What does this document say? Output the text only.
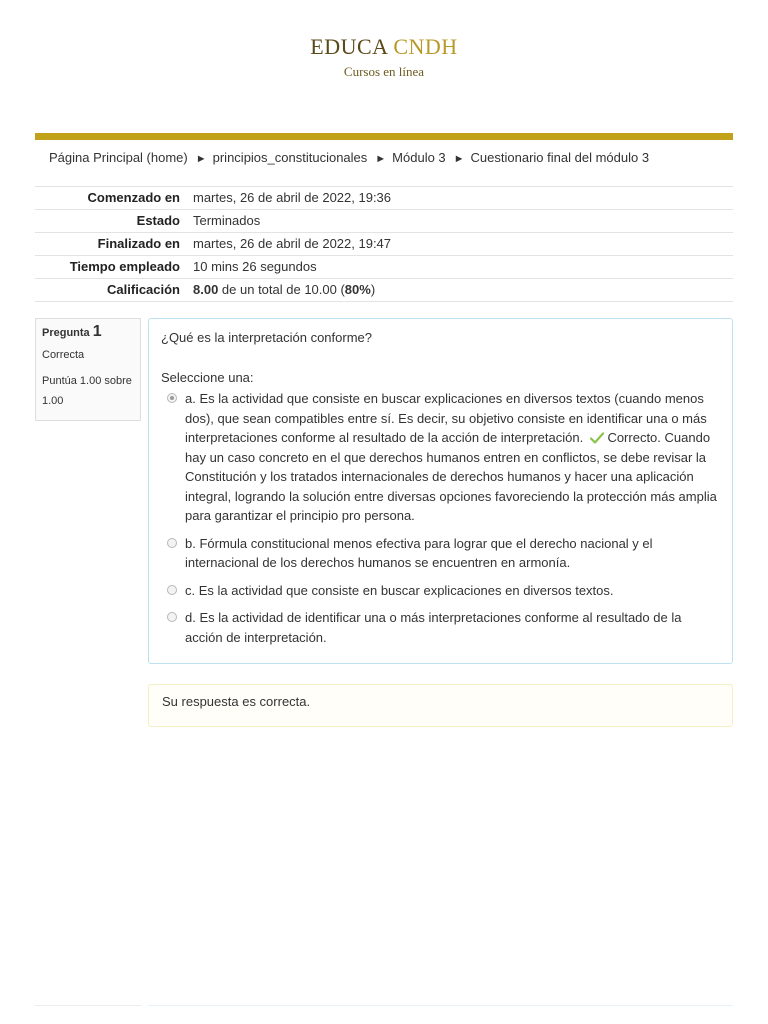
EDUCA CNDH
Cursos en línea
Página Principal (home) ► principios_constitucionales ► Módulo 3 ► Cuestionario final del módulo 3
Comenzado en	martes, 26 de abril de 2022, 19:36
Estado	Terminados
Finalizado en	martes, 26 de abril de 2022, 19:47
Tiempo empleado	10 mins 26 segundos
Calificación	8.00 de un total de 10.00 (80%)
Pregunta 1
Correcta
Puntúa 1.00 sobre 1.00
¿Qué es la interpretación conforme?
Seleccione una:
a. Es la actividad que consiste en buscar explicaciones en diversos textos (cuando menos dos), que sean compatibles entre sí. Es decir, su objetivo consiste en identificar una o más interpretaciones conforme al resultado de la acción de interpretación. Correcto. Cuando hay un caso concreto en el que derechos humanos entren en conflictos, se debe revisar la Constitución y los tratados internacionales de derechos humanos y hacer una aplicación integral, logrando la solución entre diversas opciones favoreciendo la protección más amplia para garantizar el principio pro persona.
b. Fórmula constitucional menos efectiva para lograr que el derecho nacional y el internacional de los derechos humanos se encuentren en armonía.
c. Es la actividad que consiste en buscar explicaciones en diversos textos.
d. Es la actividad de identificar una o más interpretaciones conforme al resultado de la acción de interpretación.
Su respuesta es correcta.
